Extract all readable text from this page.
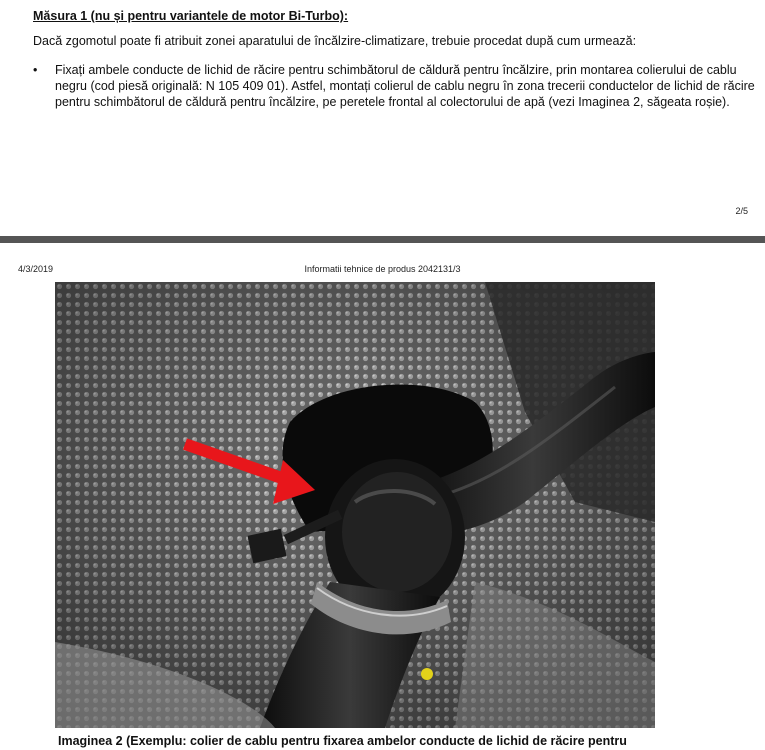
Măsura 1 (nu și pentru variantele de motor Bi-Turbo):
Dacă zgomotul poate fi atribuit zonei aparatului de încălzire-climatizare, trebuie procedat după cum urmează:
• Fixați ambele conducte de lichid de răcire pentru schimbătorul de căldură pentru încălzire, prin montarea colierului de cablu negru (cod piesă originală: N 105 409 01). Astfel, montați colierul de cablu negru în zona trecerii conductelor de lichid de răcire pentru schimbătorul de căldură pentru încălzire, pe peretele frontal al colectorului de apă (vezi Imaginea 2, săgeata roșie).
2/5
4/3/2019	Informatii tehnice de produs 2042131/3
Imaginea 2 (Exemplu: colier de cablu pentru fixarea ambelor conducte de lichid de răcire pentru
